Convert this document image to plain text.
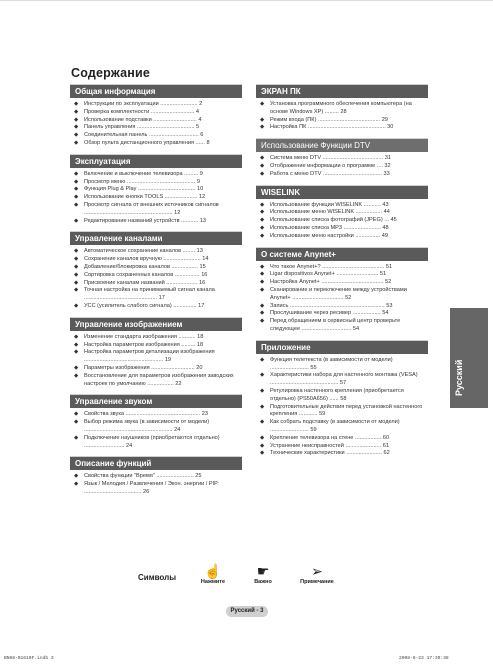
Содержание
Общая информация
◆ Инструкции по эксплуатации ........................ 2
◆ Проверка комплектности ............................ 4
◆ Использование подставки ............................ 4
◆ Панель управления ..................................... 5
◆ Соединительная панель ................................ 6
◆ Обзор пульта дистанционного управления ...... 8
Эксплуатация
◆ Включение и выключение телевизора ......... 9
◆ Просмотр меню ............................................ 9
◆ Функция Plug & Play ..................................... 10
◆ Использование кнопки TOOLS ..................... 12
◆ Просмотр сигнала от внешних источников сигналов ......................................................... 12
◆ Редактирование названий устройств ........... 13
Управление каналами
◆ Автоматическое сохранение каналов ........ 13
◆ Сохранение каналов вручную ........................ 14
◆ Добавление/блокировка каналов ................. 15
◆ Сортировка сохраненных каналов ................ 16
◆ Присвоение каналам названий .................... 16
◆ Точная настройка на принимаемый сигнал канала ............................................... 17
◆ УСС (усилитель слабого сигнала) ............... 17
Управление изображением
◆ Изменение стандарта изображения ........... 18
◆ Настройка параметров изображения ......... 18
◆ Настройка параметров детализации изображения ................................................... 19
◆ Параметры изображения ............................ 20
◆ Восстановление для параметров изображения заводских настроек по умолчанию ................. 22
Управление звуком
◆ Свойства звука ................................................ 23
◆ Выбор режима звука (в зависимости от модели) ......................................................... 24
◆ Подключение наушников (приобретаются отдельно) .......................... 24
Описание функций
◆ Свойства функции "Время" ........................ 25
◆ Язык / Мелодия / Развлечения / Экон. энергии / PIP ..................................... 26
ЭКРАН ПК
◆ Установка программного обеспечения компьютера (на основе Windows XP) ......... 28
◆ Режим входа (ПК) ........................................ 29
◆ Настройка ПК .................................................. 30
Использование Функции DTV
◆ Система меню DTV ....................................... 31
◆ Отображение информации о программе .... 32
◆ Работа с меню DTV ...................................... 33
WISELINK
◆ Использование функции WISELINK ........... 43
◆ Использование меню WISELINK ................. 44
◆ Использование списка фотографий (JPEG) ... 45
◆ Использование списка MP3 ........................ 48
◆ Использование меню настройки ................ 49
О системе Anynet+
◆ Что такое Anynet+? ........................................ 51
◆ Ligar dispositivos Anynet+ ........................... 51
◆ Настройка Anynet+ ........................................ 52
◆ Сканирование и переключение между устройствами Anynet+ ................................. 52
◆ Запись ............................................................. 53
◆ Прослушивание через ресивер .................. 54
◆ Перед обращением в сервисный центр проверьте следующее ................................ 54
Приложение
◆ Функция телетекста (в зависимости от модели) ......................... 55
◆ Характеристики набора для настенного монтажа (VESA) ............................................ 57
◆ Регулировка настенного крепления (приобретается отдельно) (PS50A656) ...... 58
◆ Подготовительные действия перед установкой настенного крепления ............ 59
◆ Как собрать подставку (в зависимости от модели) ......................... 59
◆ Крепление телевизора на стене ................. 60
◆ Устранение неисправностей ....................... 61
◆ Технические характеристики ....................... 62
Русский
Символы	☝
Нажмите
☛
Важно
➢
Примечание
Русский - 3
BN68-01610F.indb 3	2008-8-23 17:39:38
